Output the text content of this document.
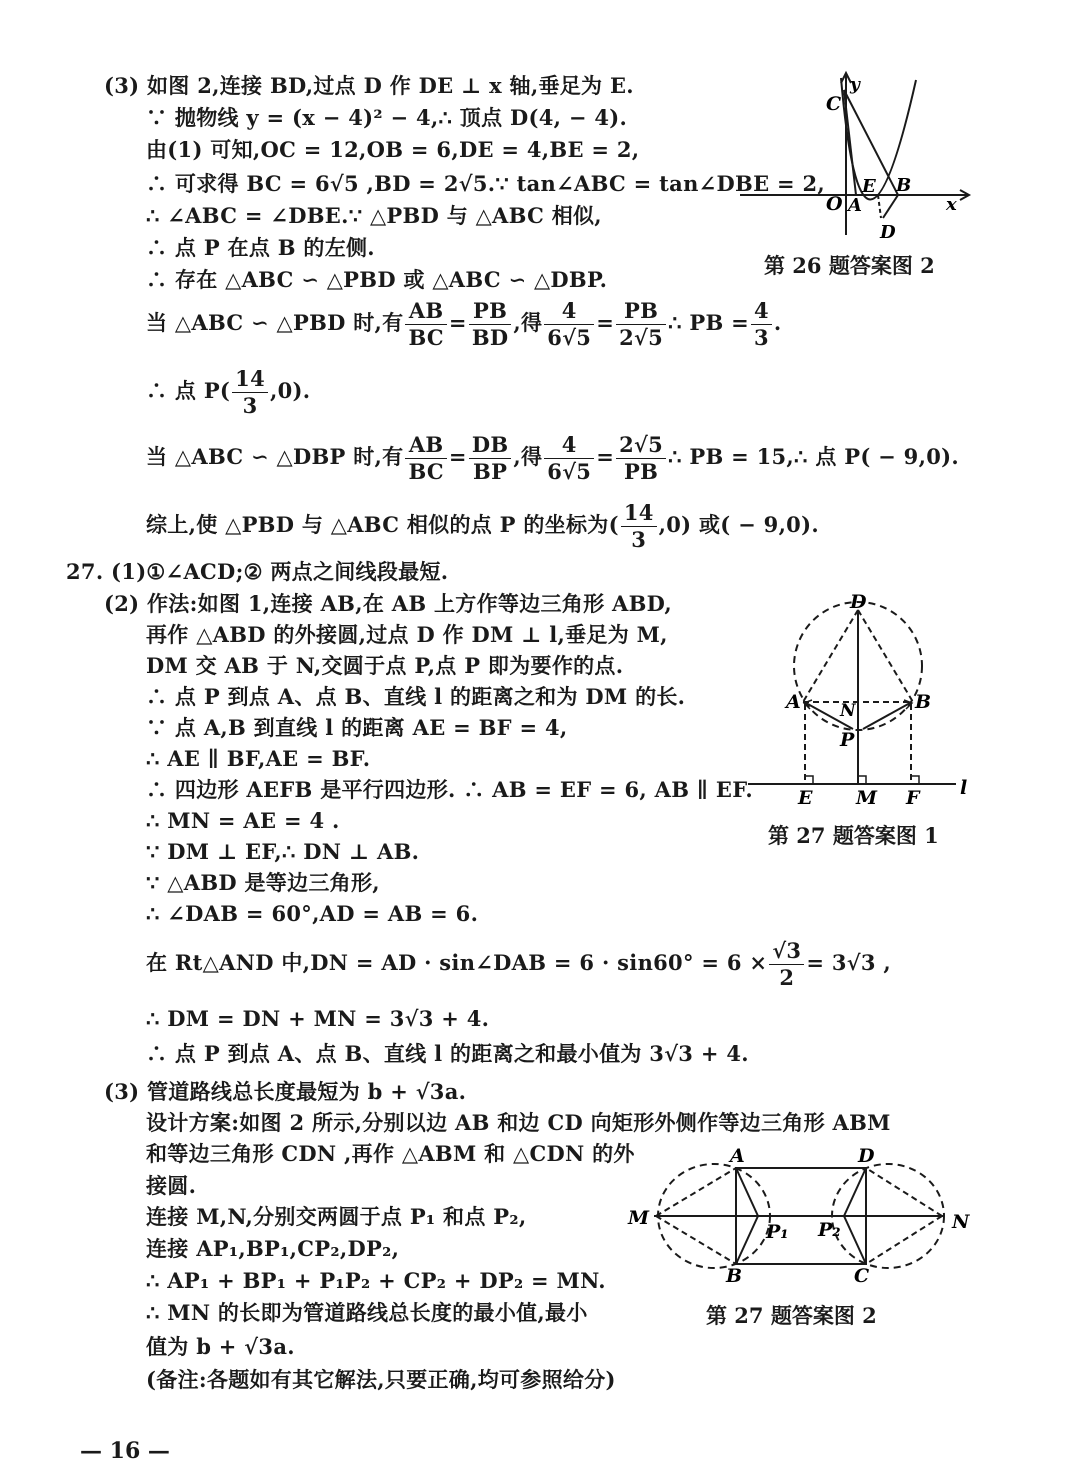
(3) 如图 2,连接 BD,过点 D 作 DE ⊥ x 轴,垂足为 E.
∵ 抛物线 y = (x − 4)² − 4,∴ 顶点 D(4, − 4).
由(1) 可知,OC = 12,OB = 6,DE = 4,BE = 2,
∴ 可求得 BC = 6√5 ,BD = 2√5.∵ tan∠ABC = tan∠DBE = 2,
∴ ∠ABC = ∠DBE.∵ △PBD 与 △ABC 相似,
∴ 点 P 在点 B 的左侧.
∴ 存在 △ABC ∽ △PBD 或 △ABC ∽ △DBP.
当 △ABC ∽ △PBD 时,有 $\frac{AB}{BC} = \frac{PB}{BD}$ ,得 $\frac{4}{6√5} = \frac{PB}{2√5}$ ∴ PB = $\frac{4}{3}$ .
∴ 点 $P( \frac{14}{3} ,0)$.
当 △ABC ∽ △DBP 时,有 $\frac{AB}{BC} = \frac{DB}{BP}$ ,得 $\frac{4}{6√5} = \frac{2√5}{PB}$ ∴ PB = 15,∴ 点 P( − 9,0).
综上,使 △PBD 与 △ABC 相似的点 P 的坐标为( $\frac{14}{3} ,0$) 或( − 9,0).
C
y
O A
E B
x
D
第 26 题答案图 2
27. (1)①∠ACD;② 两点之间线段最短.
(2) 作法:如图 1,连接 AB,在 AB 上方作等边三角形 ABD,
再作 △ABD 的外接圆,过点 D 作 DM ⊥ l,垂足为 M,
DM 交 AB 于 N,交圆于点 P,点 P 即为要作的点.
∴ 点 P 到点 A、点 B、直线 l 的距离之和为 DM 的长.
∵ 点 A,B 到直线 l 的距离 AE = BF = 4,
∴ AE ∥ BF,AE = BF.
∴ 四边形 AEFB 是平行四边形. ∴ AB = EF = 6, AB ∥ EF.
∴ MN = AE = 4 .
∵ DM ⊥ EF,∴ DN ⊥ AB.
∵ △ABD 是等边三角形,
∴ ∠DAB = 60°,AD = AB = 6.
在 Rt△AND 中,DN = AD · sin∠DAB = $6 \cdot \sin 60^\circ = 6 \times \frac{√3}{2} = 3√3$ ,
∴ DM = DN + MN = 3√3 + 4.
∴ 点 P 到点 A、点 B、直线 l 的距离之和最小值为 3√3 + 4.
(3) 管道路线总长度最短为 b + √3a.
设计方案:如图 2 所示,分别以边 AB 和边 CD 向矩形外侧作等边三角形 ABM
和等边三角形 CDN ,再作 △ABM 和 △CDN 的外
接圆.
连接 M,N,分别交两圆于点 P₁ 和点 P₂,
连接 AP₁,BP₁,CP₂,DP₂,
∴ AP₁ + BP₁ + P₁P₂ + CP₂ + DP₂ = MN.
∴ MN 的长即为管道路线总长度的最小值,最小
值为 b + √3a.
(备注:各题如有其它解法,只要正确,均可参照给分)
D
A N	B
P
E M F l
第 27 题答案图 1
A	D
M
P₁ P₂	N
B	C
第 27 题答案图 2
— 16 —
